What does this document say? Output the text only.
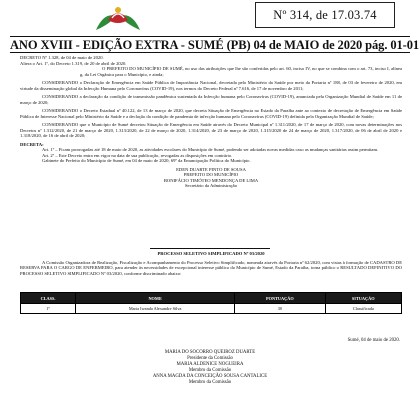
Nº 314, de 17.03.74
ANO XVIII - EDIÇÃO EXTRA - SUMÉ (PB) 04 de MAIO de 2020 pág. 01-01

DECRETO Nº 1.328, de 04 de maio de 2020.

Altera o Art. 1º, do Decreto 1.319, de 20 de abril de 2020.

O PREFEITO DO MUNICÍPIO DE SUMÉ, no uso das atribuições que lhe são conferidas pelo art. 60, inciso IV, no que se combina com o art. 73, inciso I, alínea g, da Lei Orgânica para o Município, e ainda;

CONSIDERANDO a Declaração de Emergência em Saúde Pública de Importância Nacional, decretada pelo Ministério da Saúde por meio da Portaria nº 188, de 03 de fevereiro de 2020, em virtude da disseminação global da Infecção Humana pelo Coronavírus (COVID-19), nos termos do Decreto Federal nº 7.616, de 17 de novembro de 2011;

CONSIDERANDO a declaração da condição de transmissão pandêmica sustentada da Infecção humana pelo Coronavírus (COVID-19), anunciada pela Organização Mundial de Saúde em 11 de março de 2020;

CONSIDERANDO o Decreto Estadual nº 40.122, de 13 de março de 2020, que decreta Situação de Emergência no Estado da Paraíba ante ao contexto de decretação de Emergência em Saúde Pública de Interesse Nacional pelo Ministério da Saúde e a declação da condição de pandemia de infecção humana pelo Coronavírus (COVID-19) definida pela Organização Mundial de Saúde;

CONSIDERANDO que o Município de Sumé decretou Situação de Emergência em Saúde através do Decreto Municipal nº 1.311/2020, de 17 de março de 2020, com novas determinações nos Decretos nº 1.312/2020, de 21 de março de 2020, 1.313/2020, de 22 de março de 2020, 1.314/2020, de 23 de março de 2020, 1.315/2020 de 24 de março de 2020, 1.317/2020, de 06 de abril de 2020 e 1.318/2020, de 16 de abril de 2020;

DECRETA:

Art. 1º – Ficam prorrogadas até 18 de maio de 2020, as atividades escolares do Município de Sumé, podendo ser adotadas novas medidas caso as mudanças sanitárias assim permitam.

Art. 2º – Este Decreto entra em vigor na data de sua publicação, revogadas as disposições em contrário.

Gabinete do Prefeito do Município de Sumé, em 04 de maio de 2020; 69º da Emancipação Política do Município.

EDEN DUARTE PINTO DE SOUSA

PREFEITO DO MUNICÍPIO

BONIFÁCIO TIMÓTEO MENDONÇA DE LIMA

Secretário da Administração

PROCESSO SELETIVO SIMPLIFICADO Nº 03/2020

A Comissão Organizadora de Realização, Fiscalização e Acompanhamento do Processo Seletivo Simplificado, nomeada através da Portaria nº 62/2020, com vistas à formação de CADASTRO DE RESERVA PARA O CARGO DE ENFERMEIRO, para atender às necessidades de excepcional interesse público do Município de Sumé, Estado da Paraíba, torna público o RESULTADO DEFINITIVO DO PROCESSO SELETIVO SIMPLIFICADO Nº 03/2020, conforme discriminado abaixo:

CLASS.	NOME	PONTUAÇÃO	SITUAÇÃO
1º	Maria Iwanda Alexandre Silva	30	Classificada
Sumé, 04 de maio de 2020.
MARIA DO SOCORRO QUEIROZ DUARTE
Presidente da Comissão
MARIA ALDENICE NOGUEIRA
Membro da Comissão
ANNA MAGDA DA CONCEIÇÃO SOUSA CANTALICE
Membro da Comissão
